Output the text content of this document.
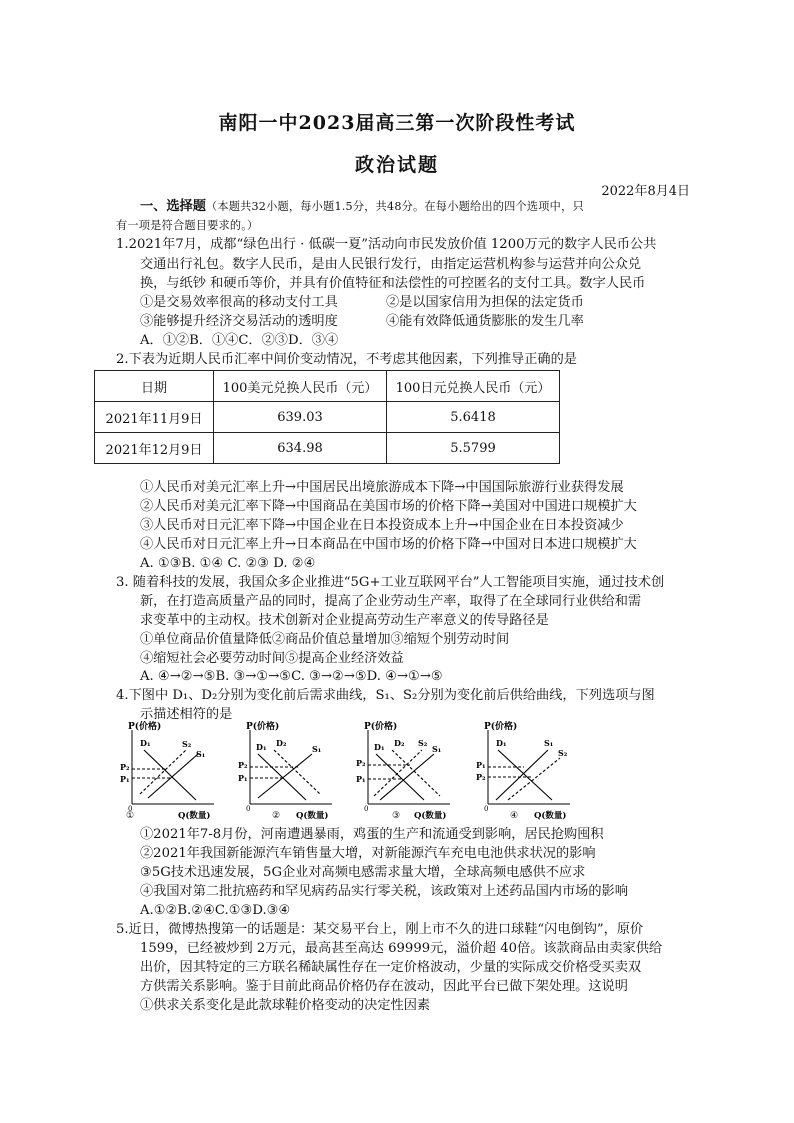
南阳一中2023届高三第一次阶段性考试
政治试题
2022年8月4日
一、选择题（本题共32小题，每小题1.5分，共48分。在每小题给出的四个选项中，只
有一项是符合题目要求的。）
1.2021年7月，成都“绿色出行 · 低碳一夏”活动向市民发放价值 1200万元的数字人民币公共
交通出行礼包。数字人民币，是由人民银行发行，由指定运营机构参与运营并向公众兑
换，与纸钞 和硬币等价，并具有价值特征和法偿性的可控匿名的支付工具。数字人民币
①是交易效率很高的移动支付工具	②是以国家信用为担保的法定货币
③能够提升经济交易活动的透明度	④能有效降低通货膨胀的发生几率
A．①②B．①④C．②③D．③④
2.下表为近期人民币汇率中间价变动情况，不考虑其他因素，下列推导正确的是
日期	100美元兑换人民币（元）	100日元兑换人民币（元）
2021年11月9日	639.03	5.6418
2021年12月9日	634.98	5.5799
①人民币对美元汇率上升→中国居民出境旅游成本下降→中国国际旅游行业获得发展
②人民币对美元汇率下降→中国商品在美国市场的价格下降→美国对中国进口规模扩大
③人民币对日元汇率下降→中国企业在日本投资成本上升→中国企业在日本投资减少
④人民币对日元汇率上升→日本商品在中国市场的价格下降→中国对日本进口规模扩大
A. ①③B. ①④ C. ②③ D. ②④
3. 随着科技的发展，我国众多企业推进“5G+工业互联网平台”人工智能项目实施，通过技术创
新，在打造高质量产品的同时，提高了企业劳动生产率，取得了在全球同行业供给和需
求变革中的主动权。技术创新对企业提高劳动生产率意义的传导路径是
①单位商品价值量降低②商品价值总量增加③缩短个别劳动时间
④缩短社会必要劳动时间⑤提高企业经济效益
A. ④→②→⑤B. ③→①→⑤C. ③→②→⑤D. ④→①→⑤
4.下图中 D₁、D₂分别为变化前后需求曲线，S₁、S₂分别为变化前后供给曲线，下列选项与图
示描述相符的是
P(价格)
Q(数量)
①
0
D₁	S₂
S₁
P₂
P₁
P(价格)
Q(数量)
②
0
D₁ D₂
S₁
P₂
P₁
P(价格)
Q(数量)
③
0
D₁ D₂ S₂
S₁
P₂
P₁
P(价格)
Q(数量)
④
0
D₁	S₁
S₂
P₁
P₂
①2021年7-8月份，河南遭遇暴雨，鸡蛋的生产和流通受到影响，居民抢购囤积
②2021年我国新能源汽车销售量大增，对新能源汽车充电电池供求状况的影响
③5G技术迅速发展，5G企业对高频电感需求量大增，全球高频电感供不应求
④我国对第二批抗癌药和罕见病药品实行零关税，该政策对上述药品国内市场的影响
A.①②B.②④C.①③D.③④
5.近日，微博热搜第一的话题是：某交易平台上，刚上市不久的进口球鞋“闪电倒钩”，原价
1599，已经被炒到 2万元，最高甚至高达 69999元，溢价超 40倍。该款商品由卖家供给
出价，因其特定的三方联名稀缺属性存在一定价格波动，少量的实际成交价格受买卖双
方供需关系影响。鉴于目前此商品价格仍存在波动，因此平台已做下架处理。这说明
①供求关系变化是此款球鞋价格变动的决定性因素
